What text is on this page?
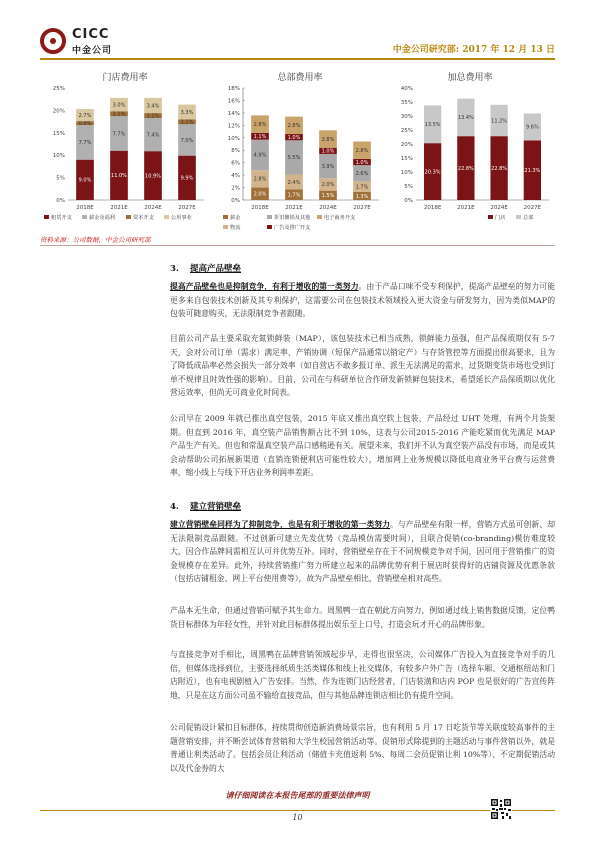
CICC
中金公司	中金公司研究部: 2017 年 12 月 13 日
门店费用率
0%
5%
10%
15%
20%
25%
9.0%
7.7%
0.9%
2.7%
2018E
11.0%
7.7%
1.1%
3.0%
2021E
10.9%
7.4%
1.1%
3.4%
2024E
9.9%
7.0%
1.1%
3.3%
2027E
租赁开支	薪金及福利	资本开支	公用事业
总部费用率
0%
2%
4%
6%
8%
10%
12%
14%
16%
18%
2.0%
2.8%
4.9%
1.1%
2.8%
2018E
1.7%
2.4%
5.5%
1.0%
2.8%
2021E
1.5%
2.0%
3.9%
1.0%
2.8%
2024E
1.3%
1.7%
2.6%
1.0%
2.8%
2027E
薪金	折旧摊销及其他	电子商务开支
物流	广告及推广开支
加总费用率
0%
5%
10%
15%
20%
25%
30%
35%
40%
20.3%
13.5%
2018E
22.8%
13.4%
2021E
22.8%
11.2%
2024E
21.3%
9.6%
2027E
门店	总部
资料来源：公司数据，中金公司研究部
3. 提高产品壁垒
提高产品壁垒也是抑制竞争，有利于增收的第一类努力。由于产品口味不受专利保护，提高产品壁垒的努力可能更多来自包装技术创新及其专利保护，这需要公司在包装技术领域投入更大资金与研发努力，因为类似MAP的包装可随意购买，无法限制竞争者跟随。
目前公司产品主要采取充氮锁鲜装（MAP），该包装技术已相当成熟，锁鲜能力虽强，但产品保质期仅有 5-7 天，会对公司订单（需求）满足率、产销协调（短保产品通常以销定产）与存货管控等方面提出很高要求，且为了降低成品率必然会损失一部分效率（如自营店不敢多报订单、派生无法满足的需求，过货期变货市场也受到订单不规律且时效性强的影响）。目前，公司在与科研单位合作研发新锁鲜包装技术，希望延长产品保质期以优化营运效率，但尚无可商业化时间表。
公司早在 2009 年就已推出真空包装，2015 年底又推出真空软上包装，产品经过 UHT 处理，有两个月货架期。但直到 2016 年，真空装产品销售额占比不到 10%，这表与公司2015-2016 产能吃紧而优先满足 MAP 产品生产有关。但也和常温真空装产品口感稍逊有关。展望未来，我们并不认为真空装产品没有市场，而是或其会动帮助公司拓展新渠道（直销连锁便利店可能性较大），增加网上业务规模以降低电商业务平台费与运营费率，缩小线上与线下开店业务利润率差距。
4. 建立营销壁垒
建立营销壁垒同样为了抑制竞争，也是有利于增收的第一类努力。与产品壁垒有限一样，营销方式虽可创新、却无法限制竞品跟随。不过创新可建立先发优势（竞品模仿需要时间），且联合促销(co-branding)模仿难度较大，因合作品牌间需相互认可并优势互补。同时，营销壁垒存在于不同规模竞争对手间，因可用于营销推广的资金规模存在差异。此外，持续营销推广努力所建立起来的品牌优势有利于展店时获得好的店铺资源及优惠条款（包括店铺租金、网上平台使用费等），故为产品壁垒相比，营销壁垒相对高些。
产品本无生命，但通过营销可赋予其生命力。周黑鸭一直在朝此方向努力，例如通过线上销售数据反馈，定位鸭货目标群体为年轻女性，并针对此目标群体提出娱乐至上口号，打造会玩才开心的品牌形象。
与直接竞争对手相比，周黑鸭在品牌营销领域起步早，走得也很坚决，公司媒体广告投入为直接竞争对手的几倍，但媒体选择到位，主要选择纸质生活类媒体和线上社交媒体，有较多户外广告（选择车厢、交通枢纽站和门店附近），也有电视剧植入广告安排。当然，作为连锁门店经营者，门店装潢和店内 POP 也是很好的广告宣传阵地，只是在这方面公司虽不输给直接竞品，但与其他品牌连锁店相比仍有提升空间。
公司促销设计紧扣目标群体，持续贯彻创造新消费场景宗旨，也有利用 5 月 17 日吃货节等关联度较高事件的主题营销安排，并不断尝试体育营销和大学生校园营销活动等。促销形式除提到的主题活动与事件营销以外，就是普通让利类活动了。包括会员让利活动（储值卡充值返利 5%、每周二会员促销让利 10%等）、不定期促销活动以及代金券的大
请仔细阅读在本报告尾部的重要法律声明
10
